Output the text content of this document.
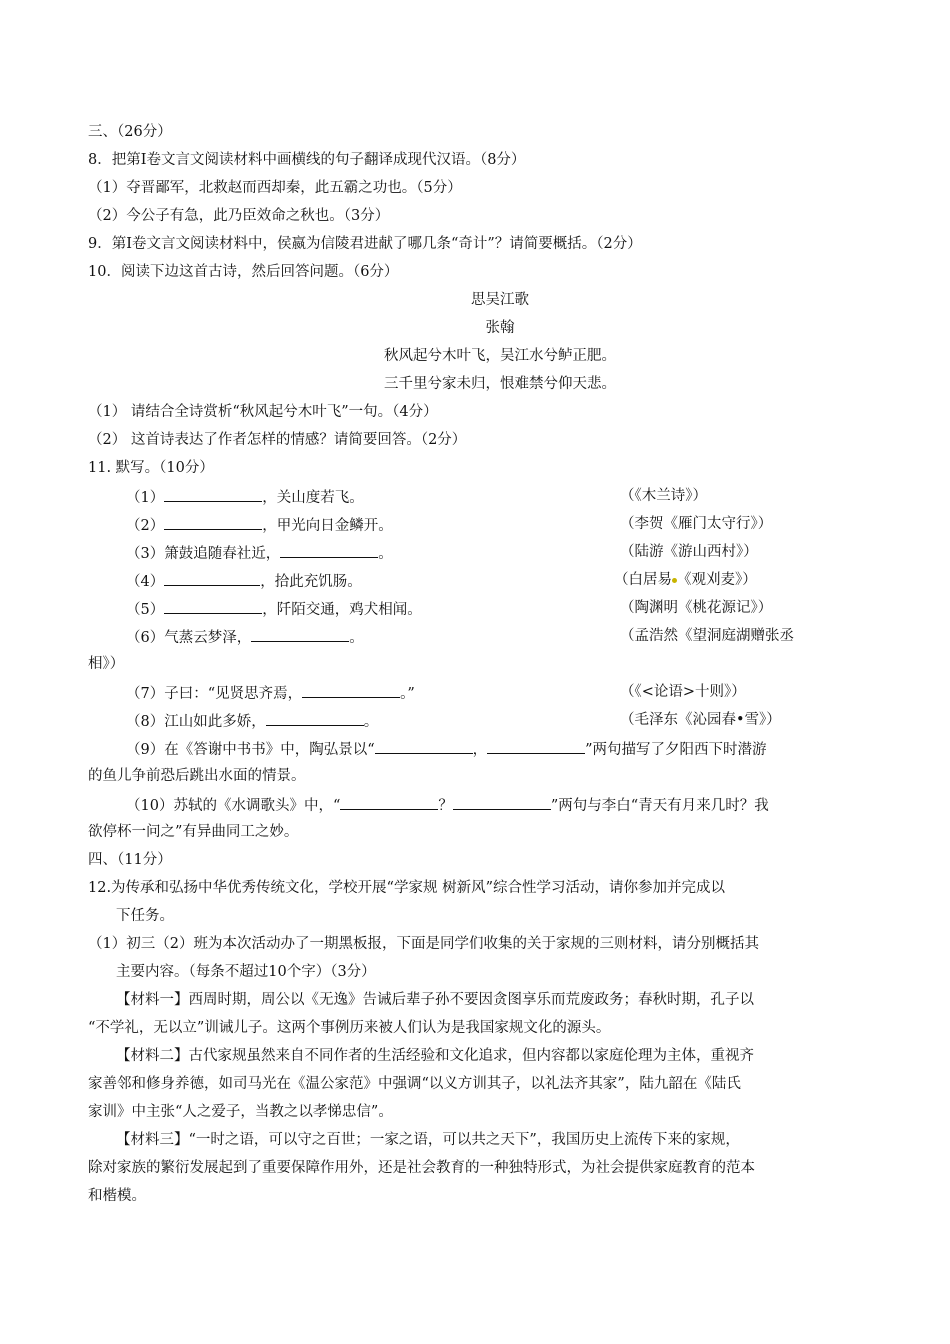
三、（26分）
8．把第Ⅰ卷文言文阅读材料中画横线的句子翻译成现代汉语。（8分）
（1）夺晋鄙军，北救赵而西却秦，此五霸之功也。（5分）
（2）今公子有急，此乃臣效命之秋也。（3分）
9．第Ⅰ卷文言文阅读材料中，侯嬴为信陵君进献了哪几条“奇计”？请简要概括。（2分）
10．阅读下边这首古诗，然后回答问题。（6分）
思吴江歌
张翰
秋风起兮木叶飞，吴江水兮鲈正肥。
三千里兮家未归，恨难禁兮仰天悲。
（1） 请结合全诗赏析“秋风起兮木叶飞”一句。（4分）
（2） 这首诗表达了作者怎样的情感？请简要回答。（2分）
11. 默写。（10分）
（1）	，关山度若飞。	（《木兰诗》）
（2）	，甲光向日金鳞开。	（李贺《雁门太守行》）
（3）箫鼓追随春社近，	。	（陆游《游山西村》）
（4）	，拾此充饥肠。	（白居易 《观刈麦》）
（5）	，阡陌交通，鸡犬相闻。	（陶渊明《桃花源记》）
（6）气蒸云梦泽，	。	（孟浩然《望洞庭湖赠张丞
相》）
（7）子曰：“见贤思齐焉，	。”	（《<论语>十则》）
（8）江山如此多娇，	。	（毛泽东《沁园春•雪》）
（9）在《答谢中书书》中，陶弘景以“	，	”两句描写了夕阳西下时潜游
的鱼儿争前恐后跳出水面的情景。
（10）苏轼的《水调歌头》中，“	？	”两句与李白“青天有月来几时？我
欲停杯一问之”有异曲同工之妙。
四、（11分）
12.为传承和弘扬中华优秀传统文化，学校开展“学家规 树新风”综合性学习活动，请你参加并完成以
下任务。
（1）初三（2）班为本次活动办了一期黑板报，下面是同学们收集的关于家规的三则材料，请分别概括其
主要内容。（每条不超过10个字）（3分）
【材料一】西周时期，周公以《无逸》告诫后辈子孙不要因贪图享乐而荒废政务；春秋时期，孔子以
“不学礼，无以立”训诫儿子。这两个事例历来被人们认为是我国家规文化的源头。
【材料二】古代家规虽然来自不同作者的生活经验和文化追求，但内容都以家庭伦理为主体，重视齐
家善邻和修身养德，如司马光在《温公家范》中强调“以义方训其子，以礼法齐其家”，陆九韶在《陆氏
家训》中主张“人之爱子，当教之以孝悌忠信”。
【材料三】“一时之语，可以守之百世；一家之语，可以共之天下”，我国历史上流传下来的家规，
除对家族的繁衍发展起到了重要保障作用外，还是社会教育的一种独特形式，为社会提供家庭教育的范本
和楷模。
